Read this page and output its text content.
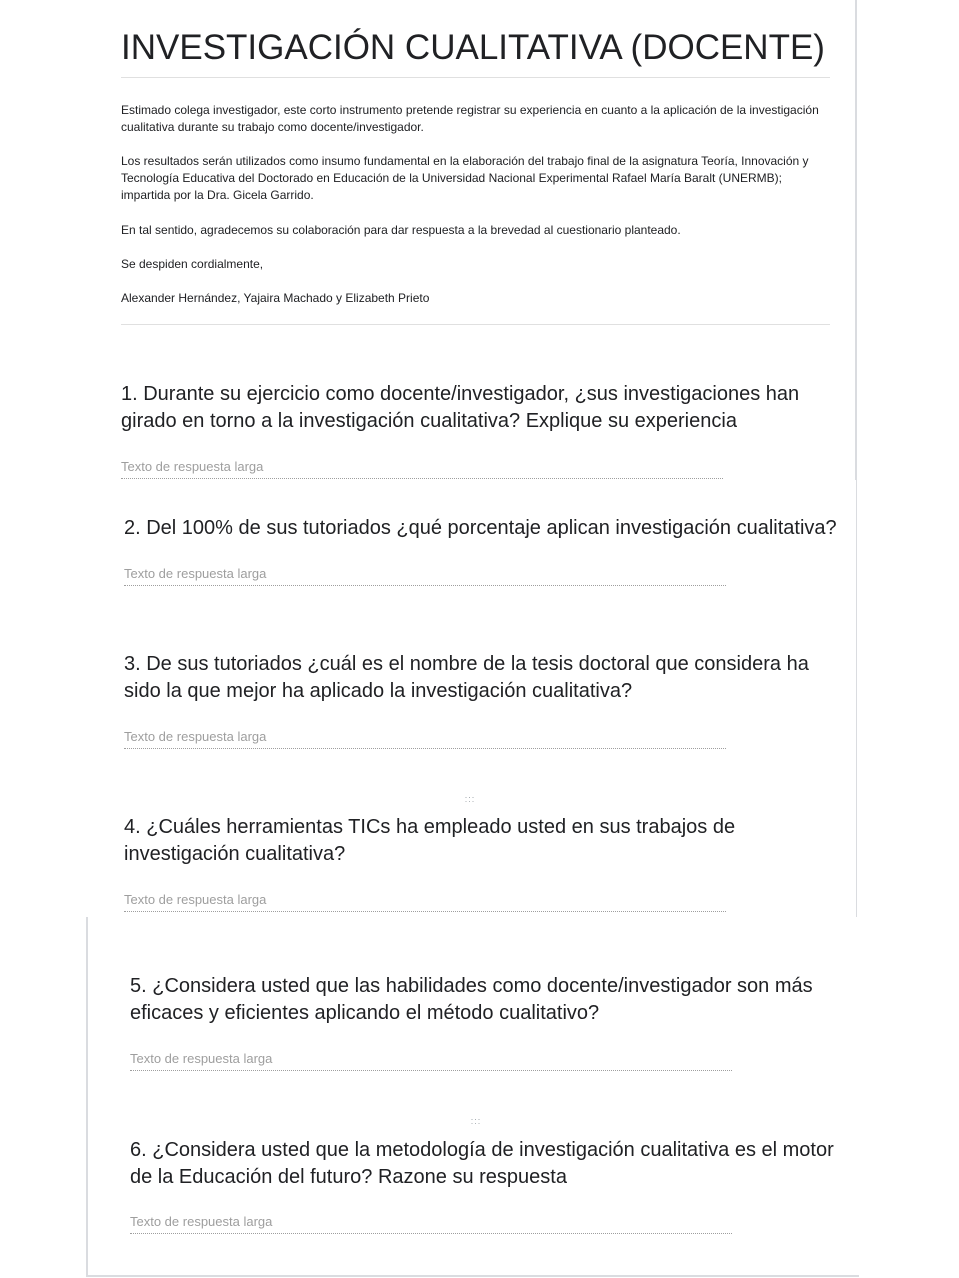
INVESTIGACIÓN CUALITATIVA (DOCENTE)
Estimado colega investigador, este corto instrumento pretende registrar su experiencia en cuanto a la aplicación de la investigación cualitativa durante su trabajo como docente/investigador.
Los resultados serán utilizados como insumo fundamental en la elaboración del trabajo final de la asignatura Teoría, Innovación y Tecnología Educativa del Doctorado en Educación de la Universidad Nacional Experimental Rafael María Baralt (UNERMB); impartida por la Dra. Gicela Garrido.
En tal sentido, agradecemos su colaboración para dar respuesta a la brevedad al cuestionario planteado.
Se despiden cordialmente,
Alexander Hernández, Yajaira Machado y Elizabeth Prieto
1. Durante su ejercicio como docente/investigador, ¿sus investigaciones han girado en torno a la investigación cualitativa? Explique su experiencia
Texto de respuesta larga
2. Del 100% de sus tutoriados ¿qué porcentaje aplican investigación cualitativa?
Texto de respuesta larga
3. De sus tutoriados ¿cuál es el nombre de la tesis doctoral que considera ha sido la que mejor ha aplicado la investigación cualitativa?
Texto de respuesta larga
:::
4. ¿Cuáles herramientas TICs ha empleado usted en sus trabajos de investigación cualitativa?
Texto de respuesta larga
5. ¿Considera usted que las habilidades como docente/investigador son más eficaces y eficientes aplicando el método cualitativo?
Texto de respuesta larga
:::
6. ¿Considera usted que la metodología de investigación cualitativa es el motor de la Educación del futuro? Razone su respuesta
Texto de respuesta larga
